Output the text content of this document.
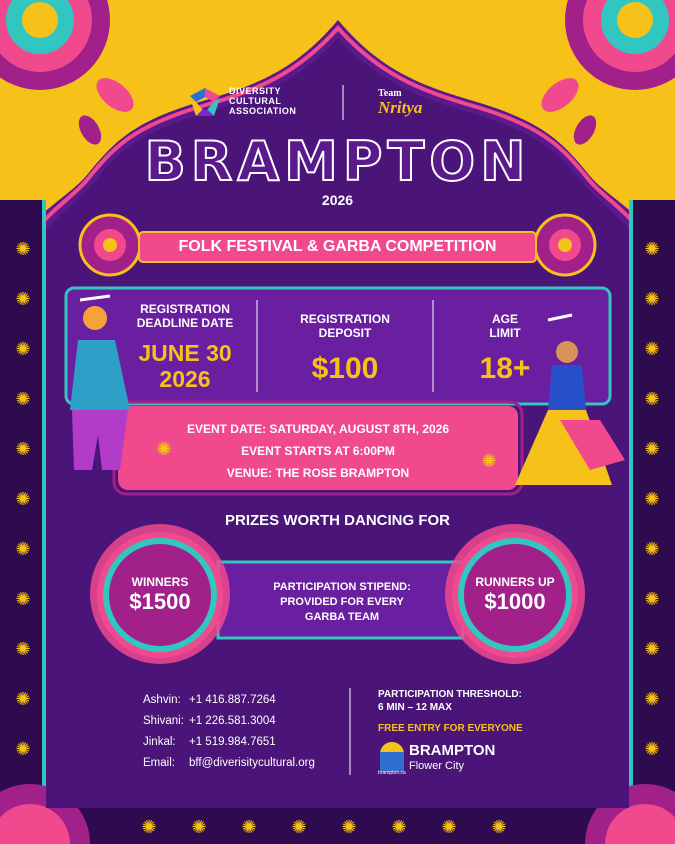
✺
✺
✺
✺
✺
✺
✺
✺
✺
✺
✺
✺
✺
✺
✺
✺
✺
✺
✺
✺
✺
✺
✺ ✺ ✺ ✺ ✺ ✺ ✺ ✺
✺
✺
DIVERSITY
CULTURAL
ASSOCIATION
Team
Nritya
BRAMPTON
2026
FOLK FESTIVAL & GARBA COMPETITION
REGISTRATION
DEADLINE DATE
JUNE 30
2026
REGISTRATION
DEPOSIT
$100
AGE
LIMIT
18+
EVENT DATE: SATURDAY, AUGUST 8TH, 2026
EVENT STARTS AT 6:00PM
VENUE: THE ROSE BRAMPTON
PRIZES WORTH DANCING FOR
WINNERS
$1500
PARTICIPATION STIPEND:
PROVIDED FOR EVERY
GARBA TEAM
RUNNERS UP
$1000
Ashvin: +1 416.887.7264
Shivani: +1 226.581.3004
Jinkal: +1 519.984.7651
Email: bff@diverisitycultural.org
PARTICIPATION THRESHOLD:
6 MIN – 12 MAX
FREE ENTRY FOR EVERYONE
BRAMPTON
Flower City
brampton.ca
